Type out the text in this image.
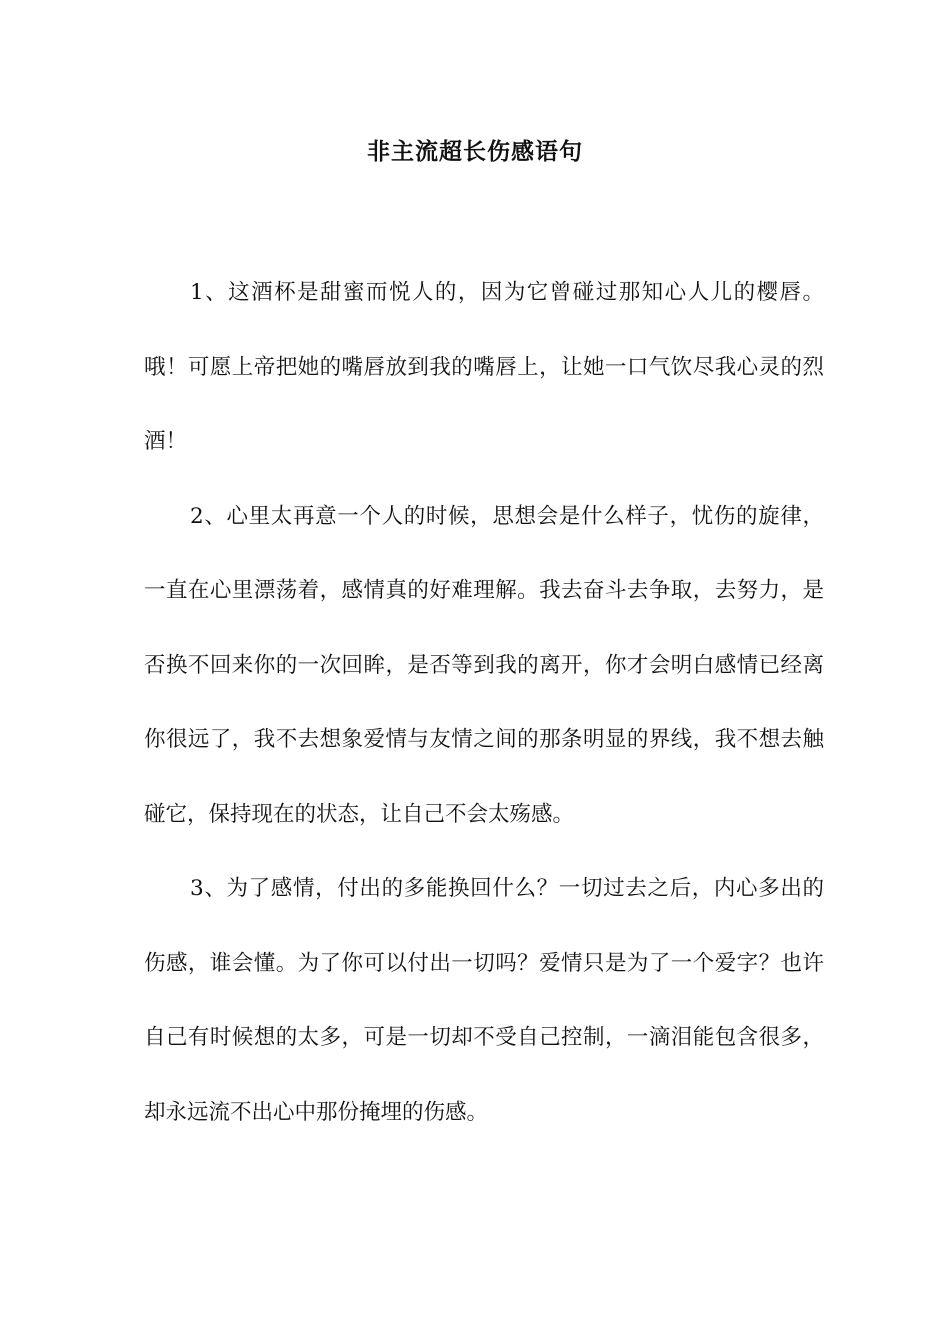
非主流超长伤感语句

1、这酒杯是甜蜜而悦人的，因为它曾碰过那知心人儿的樱唇。哦！可愿上帝把她的嘴唇放到我的嘴唇上，让她一口气饮尽我心灵的烈酒！

2、心里太再意一个人的时候，思想会是什么样子，忧伤的旋律，一直在心里漂荡着，感情真的好难理解。我去奋斗去争取，去努力，是否换不回来你的一次回眸，是否等到我的离开，你才会明白感情已经离你很远了，我不去想象爱情与友情之间的那条明显的界线，我不想去触碰它，保持现在的状态，让自己不会太殇感。

3、为了感情，付出的多能换回什么？一切过去之后，内心多出的伤感，谁会懂。为了你可以付出一切吗？爱情只是为了一个爱字？也许自己有时候想的太多，可是一切却不受自己控制，一滴泪能包含很多，却永远流不出心中那份掩埋的伤感。
